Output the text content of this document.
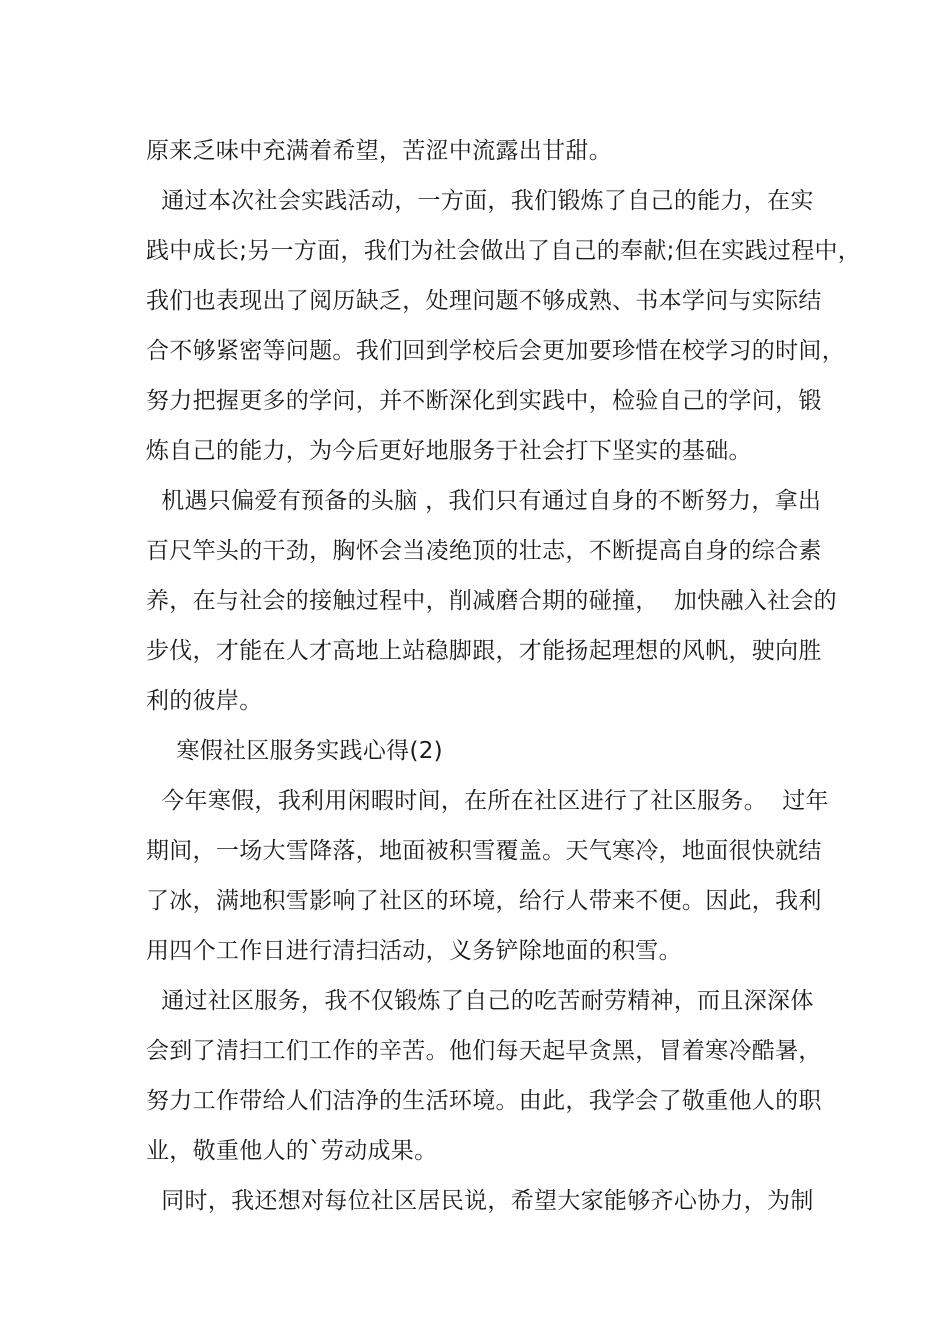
原来乏味中充满着希望，苦涩中流露出甘甜。
通过本次社会实践活动，一方面，我们锻炼了自己的能力，在实
践中成长;另一方面，我们为社会做出了自己的奉献;但在实践过程中，
我们也表现出了阅历缺乏，处理问题不够成熟、书本学问与实际结
合不够紧密等问题。我们回到学校后会更加要珍惜在校学习的时间，
努力把握更多的学问，并不断深化到实践中，检验自己的学问，锻
炼自己的能力，为今后更好地服务于社会打下坚实的基础。
机遇只偏爱有预备的头脑 ，我们只有通过自身的不断努力，拿出
百尺竿头的干劲，胸怀会当凌绝顶的壮志，不断提高自身的综合素
养，在与社会的接触过程中，削减磨合期的碰撞，  加快融入社会的
步伐，才能在人才高地上站稳脚跟，才能扬起理想的风帆，驶向胜
利的彼岸。
寒假社区服务实践心得(2)
今年寒假，我利用闲暇时间，在所在社区进行了社区服务。  过年
期间，一场大雪降落，地面被积雪覆盖。天气寒冷，地面很快就结
了冰，满地积雪影响了社区的环境，给行人带来不便。因此，我利
用四个工作日进行清扫活动，义务铲除地面的积雪。
通过社区服务，我不仅锻炼了自己的吃苦耐劳精神，而且深深体
会到了清扫工们工作的辛苦。他们每天起早贪黑，冒着寒冷酷暑，
努力工作带给人们洁净的生活环境。由此，我学会了敬重他人的职
业，敬重他人的`劳动成果。
同时，我还想对每位社区居民说，希望大家能够齐心协力，为制
